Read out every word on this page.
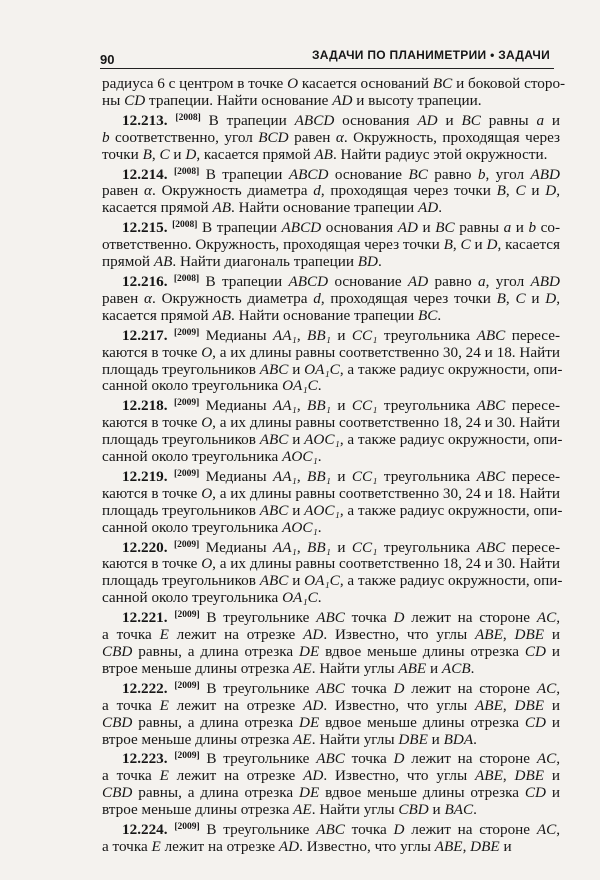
90	ЗАДАЧИ ПО ПЛАНИМЕТРИИ • ЗАДАЧИ
радиуса 6 с центром в точке O касается оснований BC и боковой сторо-
ны CD трапеции. Найти основание AD и высоту трапеции.
12.213. [2008] В трапеции ABCD основания AD и BC равны a и
b соответственно, угол BCD равен α. Окружность, проходящая через
точки B, C и D, касается прямой AB. Найти радиус этой окружности.
12.214. [2008] В трапеции ABCD основание BC равно b, угол ABD
равен α. Окружность диаметра d, проходящая через точки B, C и D,
касается прямой AB. Найти основание трапеции AD.
12.215. [2008] В трапеции ABCD основания AD и BC равны a и b со-
ответственно. Окружность, проходящая через точки B, C и D, касается
прямой AB. Найти диагональ трапеции BD.
12.216. [2008] В трапеции ABCD основание AD равно a, угол ABD
равен α. Окружность диаметра d, проходящая через точки B, C и D,
касается прямой AB. Найти основание трапеции BC.
12.217. [2009] Медианы AA₁, BB₁ и CC₁ треугольника ABC пересе-
каются в точке O, а их длины равны соответственно 30, 24 и 18. Найти
площадь треугольников ABC и OA₁C, а также радиус окружности, опи-
санной около треугольника OA₁C.
12.218. [2009] Медианы AA₁, BB₁ и CC₁ треугольника ABC пересе-
каются в точке O, а их длины равны соответственно 18, 24 и 30. Найти
площадь треугольников ABC и AOC₁, а также радиус окружности, опи-
санной около треугольника AOC₁.
12.219. [2009] Медианы AA₁, BB₁ и CC₁ треугольника ABC пересе-
каются в точке O, а их длины равны соответственно 30, 24 и 18. Найти
площадь треугольников ABC и AOC₁, а также радиус окружности, опи-
санной около треугольника AOC₁.
12.220. [2009] Медианы AA₁, BB₁ и CC₁ треугольника ABC пересе-
каются в точке O, а их длины равны соответственно 18, 24 и 30. Найти
площадь треугольников ABC и OA₁C, а также радиус окружности, опи-
санной около треугольника OA₁C.
12.221. [2009] В треугольнике ABC точка D лежит на стороне AC,
а точка E лежит на отрезке AD. Известно, что углы ABE, DBE и
CBD равны, а длина отрезка DE вдвое меньше длины отрезка CD и
втрое меньше длины отрезка AE. Найти углы ABE и ACB.
12.222. [2009] В треугольнике ABC точка D лежит на стороне AC,
а точка E лежит на отрезке AD. Известно, что углы ABE, DBE и
CBD равны, а длина отрезка DE вдвое меньше длины отрезка CD и
втрое меньше длины отрезка AE. Найти углы DBE и BDA.
12.223. [2009] В треугольнике ABC точка D лежит на стороне AC,
а точка E лежит на отрезке AD. Известно, что углы ABE, DBE и
CBD равны, а длина отрезка DE вдвое меньше длины отрезка CD и
втрое меньше длины отрезка AE. Найти углы CBD и BAC.
12.224. [2009] В треугольнике ABC точка D лежит на стороне AC,
а точка E лежит на отрезке AD. Известно, что углы ABE, DBE и
